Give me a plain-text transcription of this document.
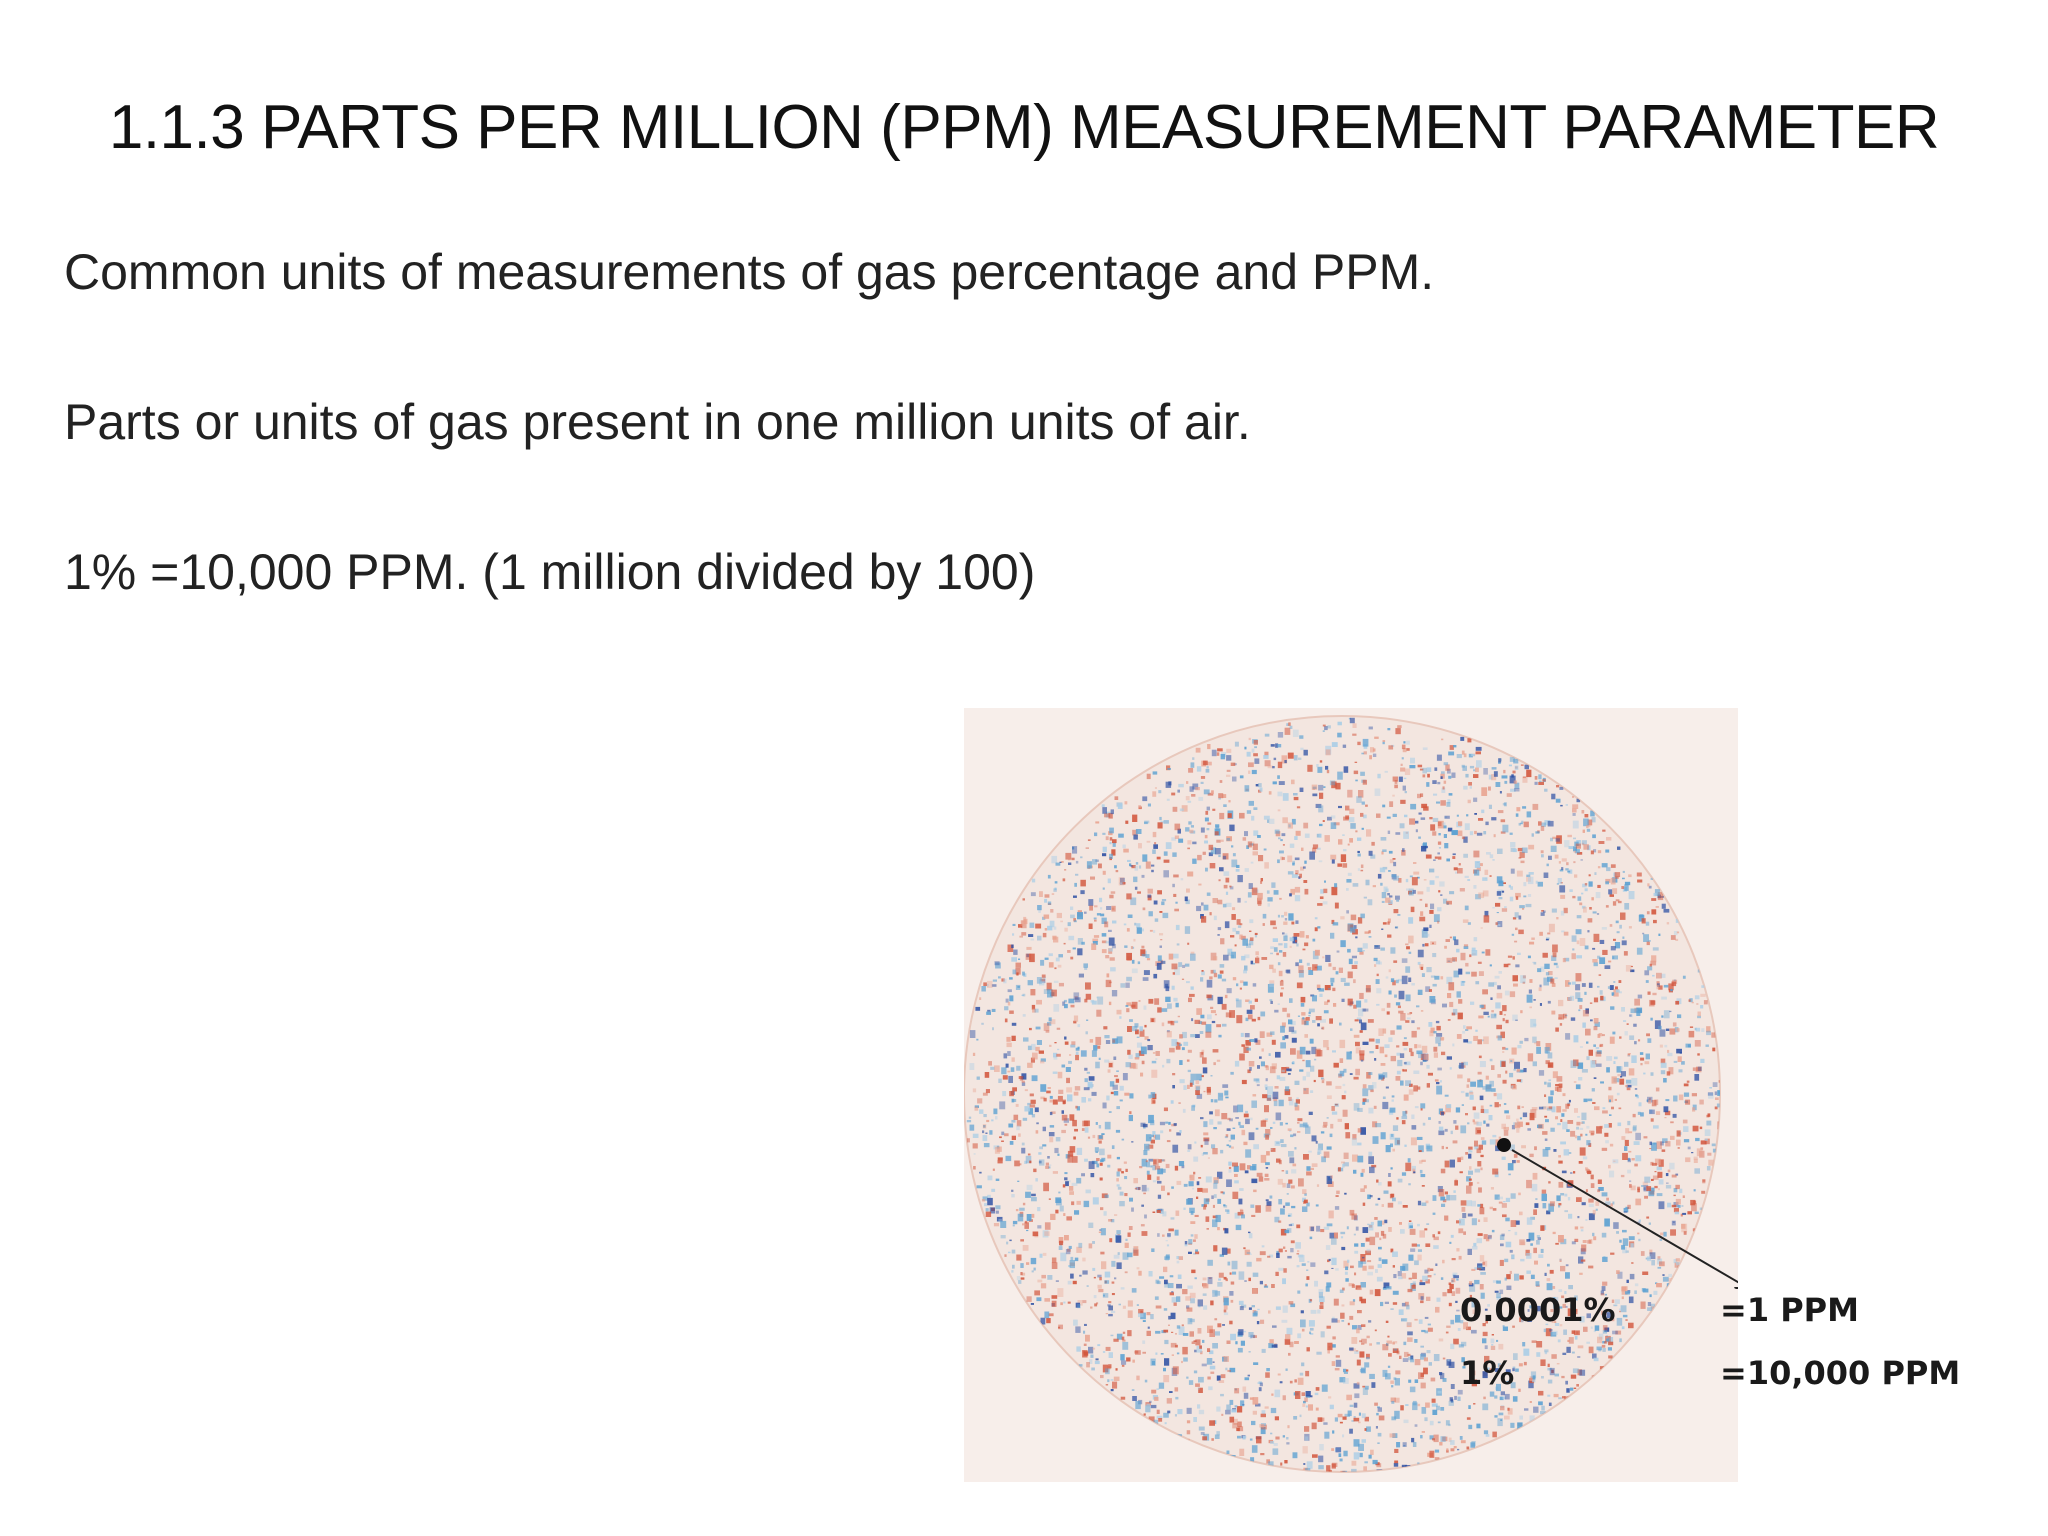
1.1.3 PARTS PER MILLION (PPM) MEASUREMENT PARAMETER

Common units of measurements of gas percentage and PPM.

Parts or units of gas present in one million units of air.

1% =10,000 PPM. (1 million divided by 100)

0.0001%
1%
=1 PPM
=10,000 PPM
